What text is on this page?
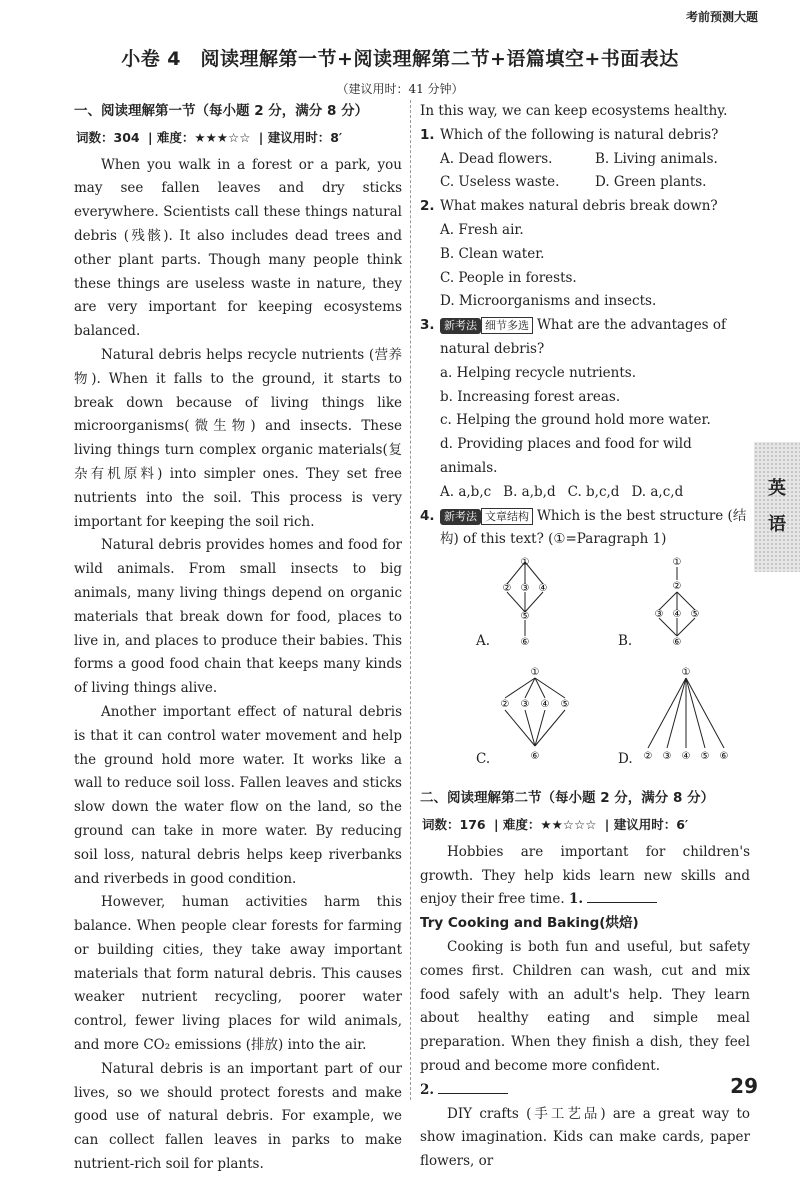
考前预测大题
小卷 4　阅读理解第一节+阅读理解第二节+语篇填空+书面表达
（建议用时：41 分钟）
英
语
一、阅读理解第一节（每小题 2 分，满分 8 分）
词数：304 | 难度：★★★☆☆ | 建议用时：8′

When you walk in a forest or a park, you may see fallen leaves and dry sticks everywhere. Scientists call these things natural debris (残骸). It also includes dead trees and other plant parts. Though many people think these things are useless waste in nature, they are very important for keeping ecosystems balanced.

Natural debris helps recycle nutrients (营养物). When it falls to the ground, it starts to break down because of living things like microorganisms(微生物) and insects. These living things turn complex organic materials(复杂有机原料) into simpler ones. They set free nutrients into the soil. This process is very important for keeping the soil rich.

Natural debris provides homes and food for wild animals. From small insects to big animals, many living things depend on organic materials that break down for food, places to live in, and places to produce their babies. This forms a good food chain that keeps many kinds of living things alive.

Another important effect of natural debris is that it can control water movement and help the ground hold more water. It works like a wall to reduce soil loss. Fallen leaves and sticks slow down the water flow on the land, so the ground can take in more water. By reducing soil loss, natural debris helps keep riverbanks and riverbeds in good condition.

However, human activities harm this balance. When people clear forests for farming or building cities, they take away important materials that form natural debris. This causes weaker nutrient recycling, poorer water control, fewer living places for wild animals, and more CO₂ emissions (排放) into the air.

Natural debris is an important part of our lives, so we should protect forests and make good use of natural debris. For example, we can collect fallen leaves in parks to make nutrient-rich soil for plants.

In this way, we can keep ecosystems healthy.
1. Which of the following is natural debris?
A. Dead flowers.	B. Living animals.
C. Useless waste.	D. Green plants.
2. What makes natural debris break down?
A. Fresh air.
B. Clean water.
C. People in forests.
D. Microorganisms and insects.
3. 新考法 细节多选 What are the advantages of natural debris?
a. Helping recycle nutrients.
b. Increasing forest areas.
c. Helping the ground hold more water.
d. Providing places and food for wild animals.
A. a,b,c B. a,b,d C. b,c,d D. a,c,d
4. 新考法 文章结构 Which is the best structure (结构) of this text? (①=Paragraph 1)
A.
①
② ③ ④
⑤
⑥	B.
①
②
③ ④ ⑤
⑥
C.
①
② ③ ④ ⑤
⑥	D.
①
② ③ ④ ⑤ ⑥
二、阅读理解第二节（每小题 2 分，满分 8 分）
词数：176 | 难度：★★☆☆☆ | 建议用时：6′

Hobbies are important for children's growth. They help kids learn new skills and enjoy their free time. 1.

Try Cooking and Baking(烘焙)

Cooking is both fun and useful, but safety comes first. Children can wash, cut and mix food safely with an adult's help. They learn about healthy eating and simple meal preparation. When they finish a dish, they feel proud and become more confident.

2.

DIY crafts (手工艺品) are a great way to show imagination. Kids can make cards, paper flowers, or

29
